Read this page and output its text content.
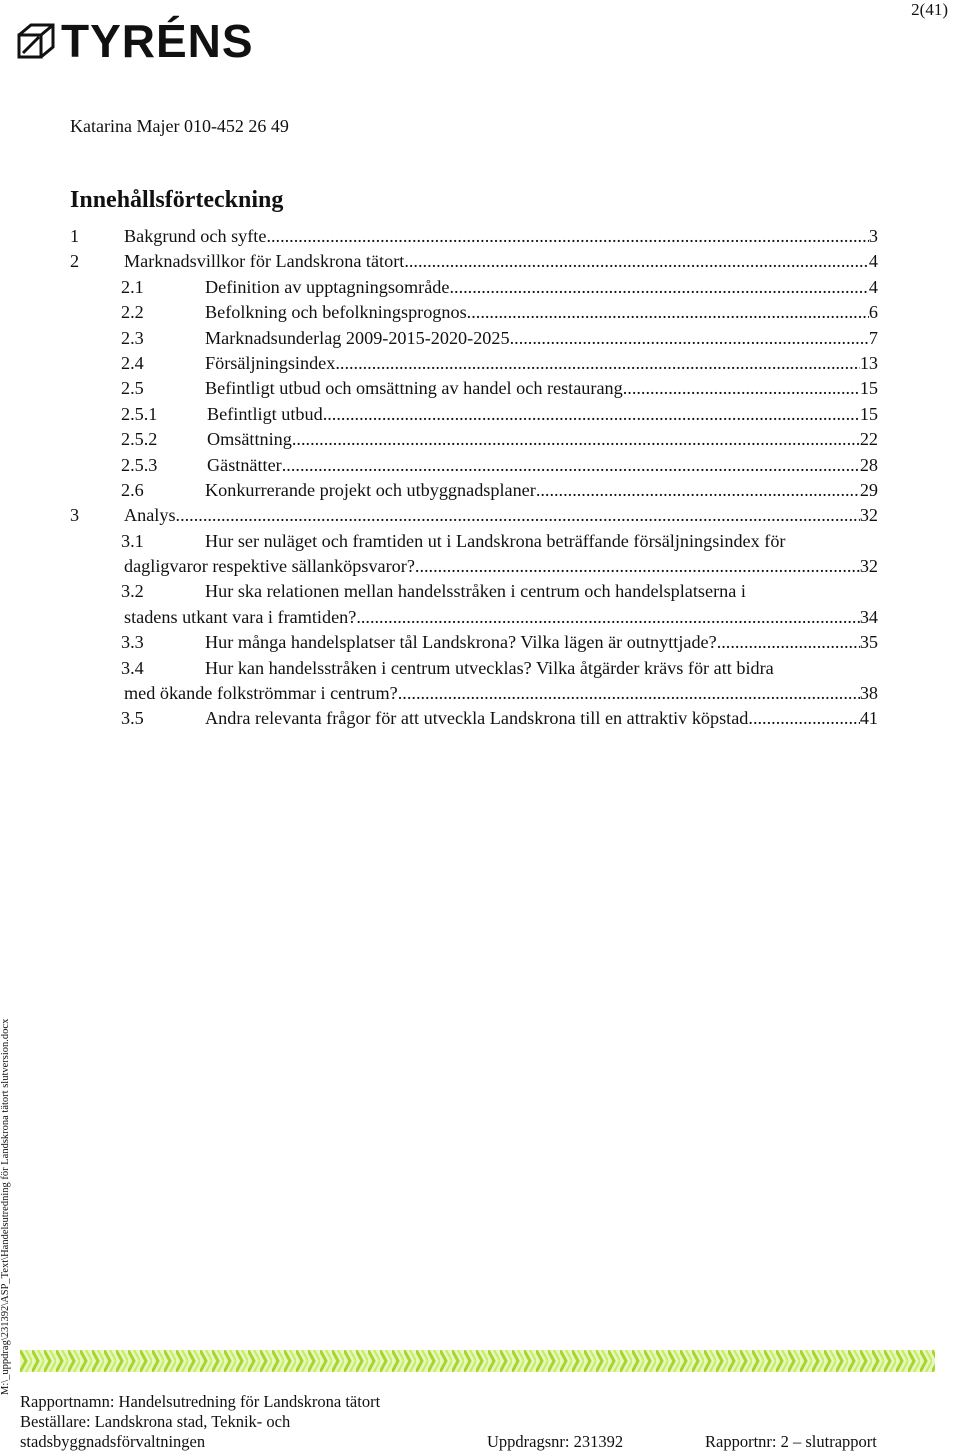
2(41)
TYRÉNS
Katarina Majer 010-452 26 49
Innehållsförteckning
1 Bakgrund och syfte .....	3
2 Marknadsvillkor för Landskrona tätort .....	4
2.1	Definition av upptagningsområde .....	4
2.2	Befolkning och befolkningsprognos. .....	6
2.3	Marknadsunderlag 2009-2015-2020-2025. .....	7
2.4	Försäljningsindex .....	13
2.5	Befintligt utbud och omsättning av handel och restaurang .....	15
2.5.1	Befintligt utbud .....	15
2.5.2	Omsättning .....	22
2.5.3	Gästnätter .....	28
2.6	Konkurrerande projekt och utbyggnadsplaner .....	29
3 Analys .....	32
3.1	Hur ser nuläget och framtiden ut i Landskrona beträffande försäljningsindex för
dagligvaror respektive sällanköpsvaror? .....	32
3.2	Hur ska relationen mellan handelsstråken i centrum och handelsplatserna i
stadens utkant vara i framtiden? .....	34
3.3	Hur många handelsplatser tål Landskrona? Vilka lägen är outnyttjade? .....	35
3.4	Hur kan handelsstråken i centrum utvecklas? Vilka åtgärder krävs för att bidra
med ökande folkströmmar i centrum? .....	38
3.5	Andra relevanta frågor för att utveckla Landskrona till en attraktiv köpstad. .....	41
M:\_uppdrag\231392\ASP_Text\Handelsutredning för Landskrona tätort slutversion.docx
Rapportnamn: Handelsutredning för Landskrona tätort
Beställare: Landskrona stad, Teknik- och
stadsbyggnadsförvaltningen	Uppdragsnr: 231392	Rapportnr: 2 – slutrapport
